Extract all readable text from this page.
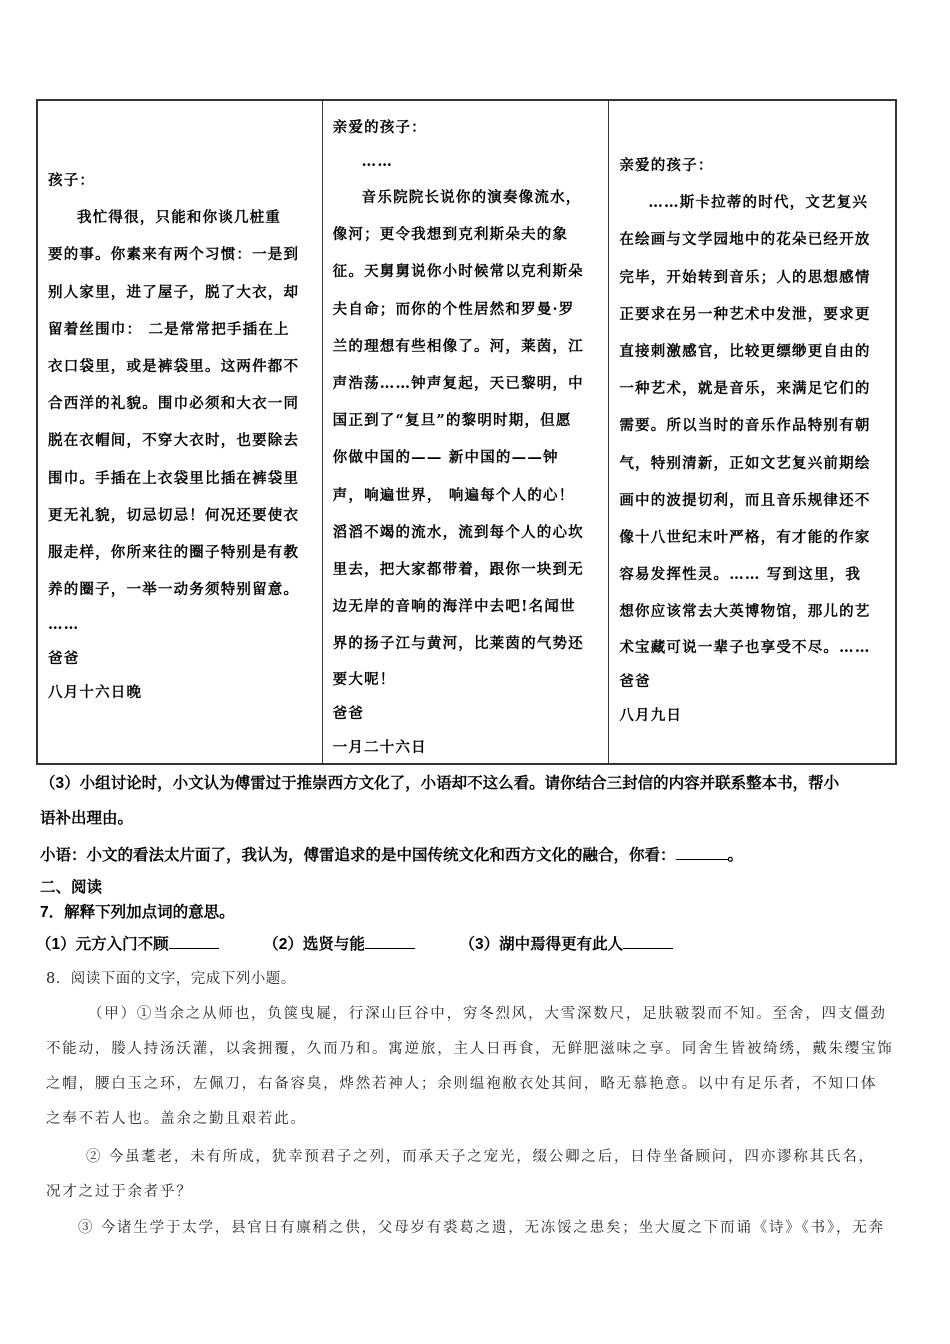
孩子：
我忙得很，只能和你谈几桩重
要的事。你素来有两个习惯：一是到
别人家里，进了屋子，脱了大衣，却
留着丝围巾： 二是常常把手插在上
衣口袋里，或是裤袋里。这两件都不
合西洋的礼貌。围巾必须和大衣一同
脱在衣帽间，不穿大衣时，也要除去
围巾。手插在上衣袋里比插在裤袋里
更无礼貌，切忌切忌！何况还要使衣
服走样，你所来往的圈子特别是有教
养的圈子，一举一动务须特别留意。
……
爸爸
八月十六日晚
亲爱的孩子：
……
音乐院院长说你的演奏像流水，
像河；更令我想到克利斯朵夫的象
征。天舅舅说你小时候常以克利斯朵
夫自命；而你的个性居然和罗曼·罗
兰的理想有些相像了。河，莱茵，江
声浩荡……钟声复起，天已黎明，中
国正到了“复旦”的黎明时期，但愿
你做中国的—— 新中国的——钟
声，响遍世界， 响遍每个人的心！
滔滔不竭的流水，流到每个人的心坎
里去，把大家都带着，跟你一块到无
边无岸的音响的海洋中去吧!名闻世
界的扬子江与黄河，比莱茵的气势还
要大呢！
爸爸
一月二十六日
亲爱的孩子：
……斯卡拉蒂的时代，文艺复兴
在绘画与文学园地中的花朵已经开放
完毕，开始转到音乐；人的思想感情
正要求在另一种艺术中发泄，要求更
直接刺激感官，比较更缥缈更自由的
一种艺术，就是音乐，来满足它们的
需要。所以当时的音乐作品特别有朝
气，特别清新，正如文艺复兴前期绘
画中的波提切利，而且音乐规律还不
像十八世纪末叶严格，有才能的作家
容易发挥性灵。…… 写到这里，我
想你应该常去大英博物馆，那儿的艺
术宝藏可说一辈子也享受不尽。……
爸爸
八月九日
（3）小组讨论时，小文认为傅雷过于推崇西方文化了，小语却不这么看。请你结合三封信的内容并联系整本书，帮小
语补出理由。
小语：小文的看法太片面了，我认为，傅雷追求的是中国传统文化和西方文化的融合，你看：	。
二、阅读
7．解释下列加点词的意思。
（1）元方入门不顾	（2）选贤与能	（3）湖中焉得更有此人
8．阅读下面的文字，完成下列小题。
（甲）①当余之从师也，负箧曳屣，行深山巨谷中，穷冬烈风，大雪深数尺，足肤皲裂而不知。至舍，四支僵劲
不能动，媵人持汤沃灌，以衾拥覆，久而乃和。寓逆旅，主人日再食，无鲜肥滋味之享。同舍生皆被绮绣，戴朱缨宝饰
之帽，腰白玉之环，左佩刀，右备容臭，烨然若神人；余则缊袍敝衣处其间，略无慕艳意。以中有足乐者，不知口体
之奉不若人也。盖余之勤且艰若此。
② 今虽耄老，未有所成，犹幸预君子之列，而承天子之宠光，缀公卿之后，日侍坐备顾问，四亦谬称其氏名，
况才之过于余者乎？
③ 今诸生学于太学，县官日有廪稍之供，父母岁有裘葛之遗，无冻馁之患矣；坐大厦之下而诵《诗》《书》，无奔
